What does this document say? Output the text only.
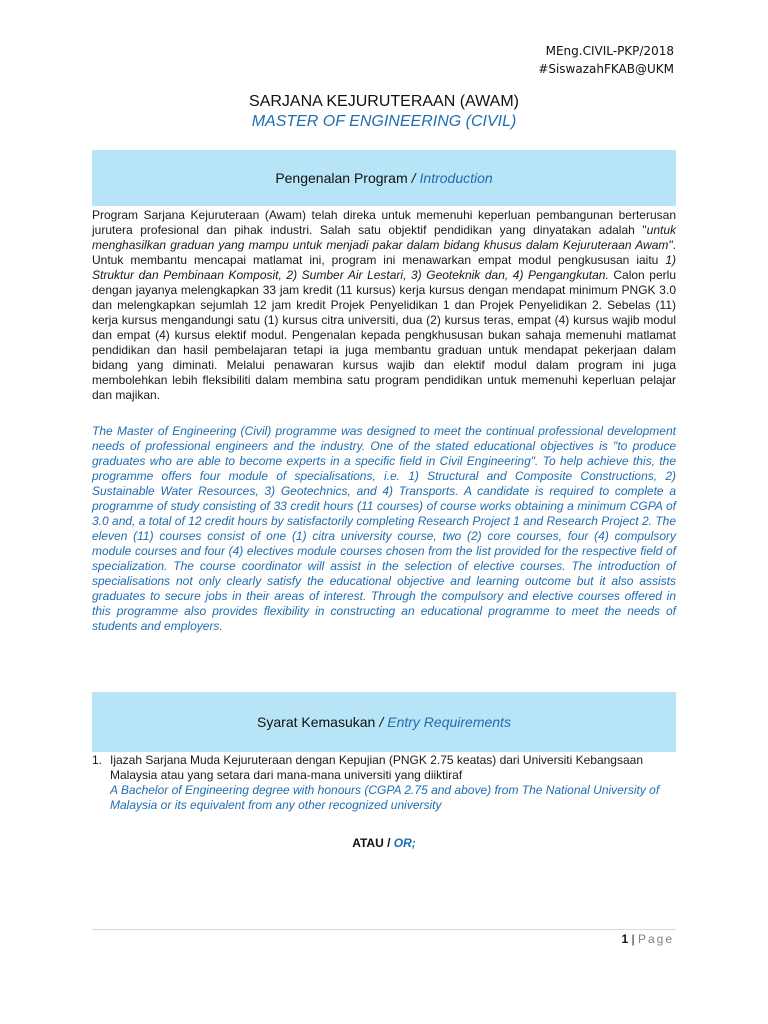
MEng.CIVIL-PKP/2018
#SiswazahFKAB@UKM
SARJANA KEJURUTERAAN (AWAM)
MASTER OF ENGINEERING (CIVIL)
Pengenalan Program / Introduction

Program Sarjana Kejuruteraan (Awam) telah direka untuk memenuhi keperluan pembangunan berterusan jurutera profesional dan pihak industri. Salah satu objektif pendidikan yang dinyatakan adalah "untuk menghasilkan graduan yang mampu untuk menjadi pakar dalam bidang khusus dalam Kejuruteraan Awam". Untuk membantu mencapai matlamat ini, program ini menawarkan empat modul pengkususan iaitu 1) Struktur dan Pembinaan Komposit, 2) Sumber Air Lestari, 3) Geoteknik dan, 4) Pengangkutan. Calon perlu dengan jayanya melengkapkan 33 jam kredit (11 kursus) kerja kursus dengan mendapat minimum PNGK 3.0 dan melengkapkan sejumlah 12 jam kredit Projek Penyelidikan 1 dan Projek Penyelidikan 2. Sebelas (11) kerja kursus mengandungi satu (1) kursus citra universiti, dua (2) kursus teras, empat (4) kursus wajib modul dan empat (4) kursus elektif modul. Pengenalan kepada pengkhususan bukan sahaja memenuhi matlamat pendidikan dan hasil pembelajaran tetapi ia juga membantu graduan untuk mendapat pekerjaan dalam bidang yang diminati. Melalui penawaran kursus wajib dan elektif modul dalam program ini juga membolehkan lebih fleksibiliti dalam membina satu program pendidikan untuk memenuhi keperluan pelajar dan majikan.

The Master of Engineering (Civil) programme was designed to meet the continual professional development needs of professional engineers and the industry. One of the stated educational objectives is "to produce graduates who are able to become experts in a specific field in Civil Engineering". To help achieve this, the programme offers four module of specialisations, i.e. 1) Structural and Composite Constructions, 2) Sustainable Water Resources, 3) Geotechnics, and 4) Transports. A candidate is required to complete a programme of study consisting of 33 credit hours (11 courses) of course works obtaining a minimum CGPA of 3.0 and, a total of 12 credit hours by satisfactorily completing Research Project 1 and Research Project 2. The eleven (11) courses consist of one (1) citra university course, two (2) core courses, four (4) compulsory module courses and four (4) electives module courses chosen from the list provided for the respective field of specialization. The course coordinator will assist in the selection of elective courses. The introduction of specialisations not only clearly satisfy the educational objective and learning outcome but it also assists graduates to secure jobs in their areas of interest. Through the compulsory and elective courses offered in this programme also provides flexibility in constructing an educational programme to meet the needs of students and employers.

Syarat Kemasukan / Entry Requirements
1. Ijazah Sarjana Muda Kejuruteraan dengan Kepujian (PNGK 2.75 keatas) dari Universiti Kebangsaan Malaysia atau yang setara dari mana-mana universiti yang diiktiraf
A Bachelor of Engineering degree with honours (CGPA 2.75 and above) from The National University of Malaysia or its equivalent from any other recognized university
ATAU / OR;
1 | Page
